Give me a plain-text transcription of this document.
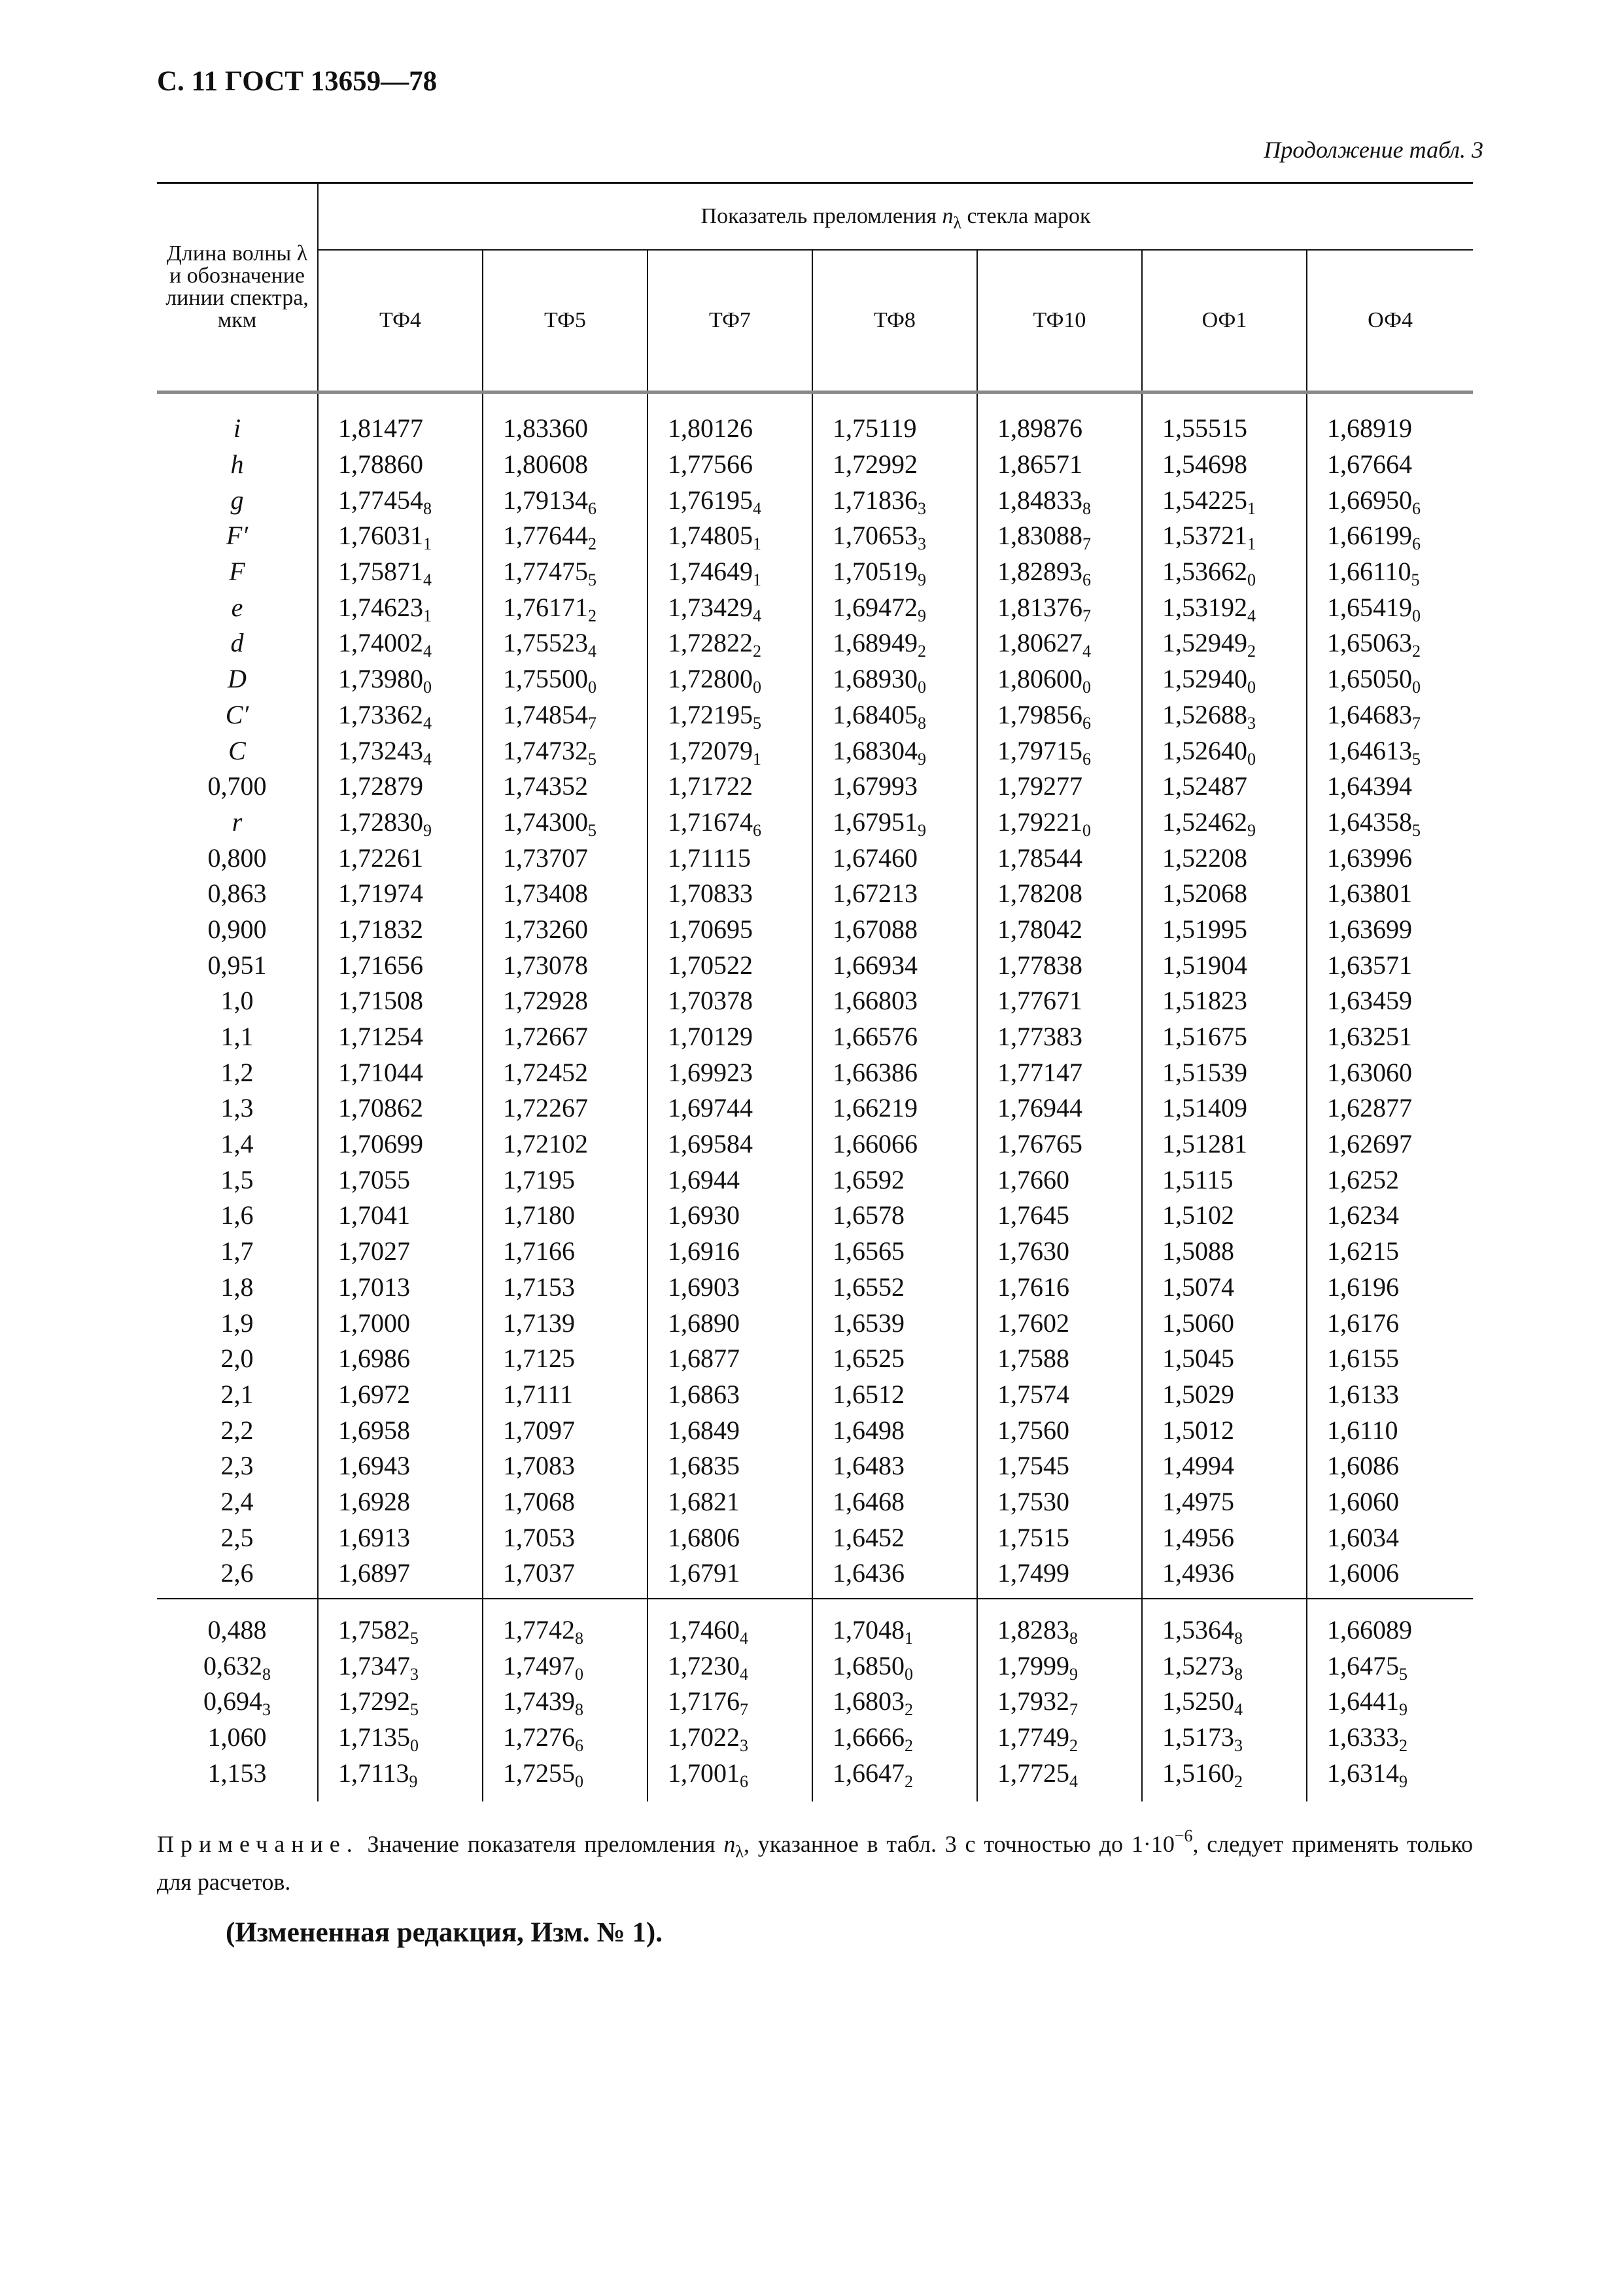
С. 11 ГОСТ 13659—78
Продолжение табл. 3
Длина волны λ и обозначение линии спектра, мкм	Показатель преломления $n_\lambda$ стекла марок						
	ТФ4	ТФ5	ТФ7	ТФ8	ТФ10	ОФ1	ОФ4
i	1,81477	1,83360	1,80126	1,75119	1,89876	1,55515	1,68919
h	1,78860	1,80608	1,77566	1,72992	1,86571	1,54698	1,67664
g	$1,77454_8$	$1,79134_6$	$1,76195_4$	$1,71836_3$	$1,84833_8$	$1,54225_1$	$1,66950_6$
F′	$1,76031_1$	$1,77644_2$	$1,74805_1$	$1,70653_3$	$1,83088_7$	$1,53721_1$	$1,66199_6$
F	$1,75871_4$	$1,77475_5$	$1,74649_1$	$1,70519_9$	$1,82893_6$	$1,53662_0$	$1,66110_5$
e	$1,74623_1$	$1,76171_2$	$1,73429_4$	$1,69472_9$	$1,81376_7$	$1,53192_4$	$1,65419_0$
d	$1,74002_4$	$1,75523_4$	$1,72822_2$	$1,68949_2$	$1,80627_4$	$1,52949_2$	$1,65063_2$
D	$1,73980_0$	$1,75500_0$	$1,72800_0$	$1,68930_0$	$1,80600_0$	$1,52940_0$	$1,65050_0$
C′	$1,73362_4$	$1,74854_7$	$1,72195_5$	$1,68405_8$	$1,79856_6$	$1,52688_3$	$1,64683_7$
C	$1,73243_4$	$1,74732_5$	$1,72079_1$	$1,68304_9$	$1,79715_6$	$1,52640_0$	$1,64613_5$
0,700	1,72879	1,74352	1,71722	1,67993	1,79277	1,52487	1,64394
r	$1,72830_9$	$1,74300_5$	$1,71674_6$	$1,67951_9$	$1,79221_0$	$1,52462_9$	$1,64358_5$
0,800	1,72261	1,73707	1,71115	1,67460	1,78544	1,52208	1,63996
0,863	1,71974	1,73408	1,70833	1,67213	1,78208	1,52068	1,63801
0,900	1,71832	1,73260	1,70695	1,67088	1,78042	1,51995	1,63699
0,951	1,71656	1,73078	1,70522	1,66934	1,77838	1,51904	1,63571
1,0	1,71508	1,72928	1,70378	1,66803	1,77671	1,51823	1,63459
1,1	1,71254	1,72667	1,70129	1,66576	1,77383	1,51675	1,63251
1,2	1,71044	1,72452	1,69923	1,66386	1,77147	1,51539	1,63060
1,3	1,70862	1,72267	1,69744	1,66219	1,76944	1,51409	1,62877
1,4	1,70699	1,72102	1,69584	1,66066	1,76765	1,51281	1,62697
1,5	1,7055	1,7195	1,6944	1,6592	1,7660	1,5115	1,6252
1,6	1,7041	1,7180	1,6930	1,6578	1,7645	1,5102	1,6234
1,7	1,7027	1,7166	1,6916	1,6565	1,7630	1,5088	1,6215
1,8	1,7013	1,7153	1,6903	1,6552	1,7616	1,5074	1,6196
1,9	1,7000	1,7139	1,6890	1,6539	1,7602	1,5060	1,6176
2,0	1,6986	1,7125	1,6877	1,6525	1,7588	1,5045	1,6155
2,1	1,6972	1,7111	1,6863	1,6512	1,7574	1,5029	1,6133
2,2	1,6958	1,7097	1,6849	1,6498	1,7560	1,5012	1,6110
2,3	1,6943	1,7083	1,6835	1,6483	1,7545	1,4994	1,6086
2,4	1,6928	1,7068	1,6821	1,6468	1,7530	1,4975	1,6060
2,5	1,6913	1,7053	1,6806	1,6452	1,7515	1,4956	1,6034
2,6	1,6897	1,7037	1,6791	1,6436	1,7499	1,4936	1,6006
0,488	$1,7582_5$	$1,7742_8$	$1,7460_4$	$1,7048_1$	$1,8283_8$	$1,5364_8$	1,66089
$0,632_8$	$1,7347_3$	$1,7497_0$	$1,7230_4$	$1,6850_0$	$1,7999_9$	$1,5273_8$	$1,6475_5$
$0,694_3$	$1,7292_5$	$1,7439_8$	$1,7176_7$	$1,6803_2$	$1,7932_7$	$1,5250_4$	$1,6441_9$
1,060	$1,7135_0$	$1,7276_6$	$1,7022_3$	$1,6666_2$	$1,7749_2$	$1,5173_3$	$1,6333_2$
1,153	$1,7113_9$	$1,7255_0$	$1,7001_6$	$1,6647_2$	$1,7725_4$	$1,5160_2$	$1,6314_9$
Примечание. Значение показателя преломления $n_\lambda$, указанное в табл. 3 с точностью до $1\cdot 10^{-6}$, следует применять только для расчетов.
(Измененная редакция, Изм. № 1).
